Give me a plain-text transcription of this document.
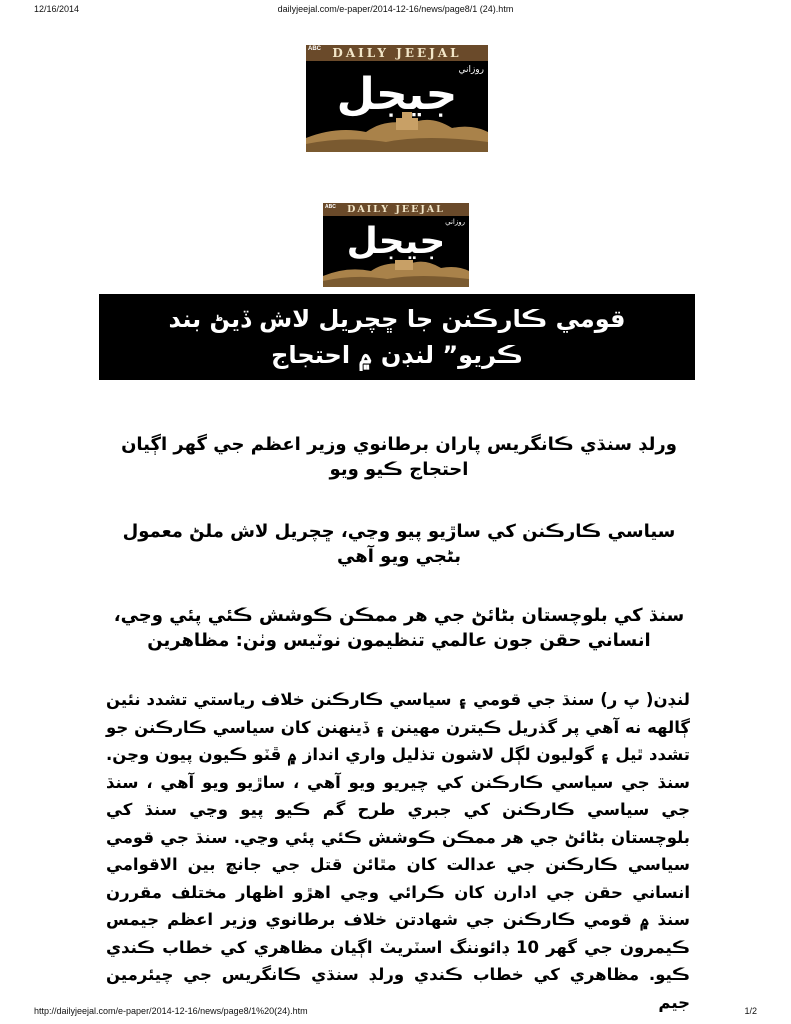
12/16/2014	dailyjeejal.com/e-paper/2014-12-16/news/page8/1 (24).htm
DAILY JEEJAL
ABC
روزاني
جيجل
DAILY JEEJAL
ABC
روزاني
جيجل
قومي ڪارڪنن جا ڇچريل لاش ڏيڻ بند ڪريو” لنڊن ۾ احتجاج
ورلڊ سنڌي ڪانگريس پاران برطانوي وزير اعظم جي گهر اڳيان احتجاج ڪيو ويو
سياسي ڪارڪنن کي ساڙيو پيو وڃي، ڇچريل لاش ملڻ معمول بڻجي ويو آهي
سنڌ کي بلوچستان بڻائڻ جي هر ممڪن ڪوشش ڪئي پئي وڃي، انساني حقن جون عالمي تنظيمون نوٽيس وٺن: مظاهرين
لنڊن( پ ر) سنڌ جي قومي ۽ سياسي ڪارڪنن خلاف رياستي تشدد نئين ڳالهه نه آهي پر گذريل ڪيترن مهينن ۽ ڏينهنن کان سياسي ڪارڪنن جو تشدد ٿيل ۽ گوليون لڳل لاشون تذليل واري انداز ۾ ڦٽو ڪيون پيون وڃن. سنڌ جي سياسي ڪارڪنن کي چيريو ويو آهي ، ساڙيو ويو آهي ، سنڌ جي سياسي ڪارڪنن کي جبري طرح گم ڪيو پيو وڃي سنڌ کي بلوچستان بڻائڻ جي هر ممڪن ڪوشش ڪئي پئي وڃي. سنڌ جي قومي سياسي ڪارڪنن جي عدالت کان مٿائن قتل جي جانچ بين الاقوامي انساني حقن جي ادارن کان ڪرائي وڃي اهڙو اظهار مختلف مقررن سنڌ ۾ قومي ڪارڪنن جي شهادتن خلاف برطانوي وزير اعظم جيمس ڪيمرون جي گهر 10 ڊائوننگ اسٽريٽ اڳيان مظاهري کي خطاب ڪندي ڪيو. مظاهري کي خطاب ڪندي ورلڊ سنڌي ڪانگريس جي چيئرمين جيم
http://dailyjeejal.com/e-paper/2014-12-16/news/page8/1%20(24).htm	1/2
